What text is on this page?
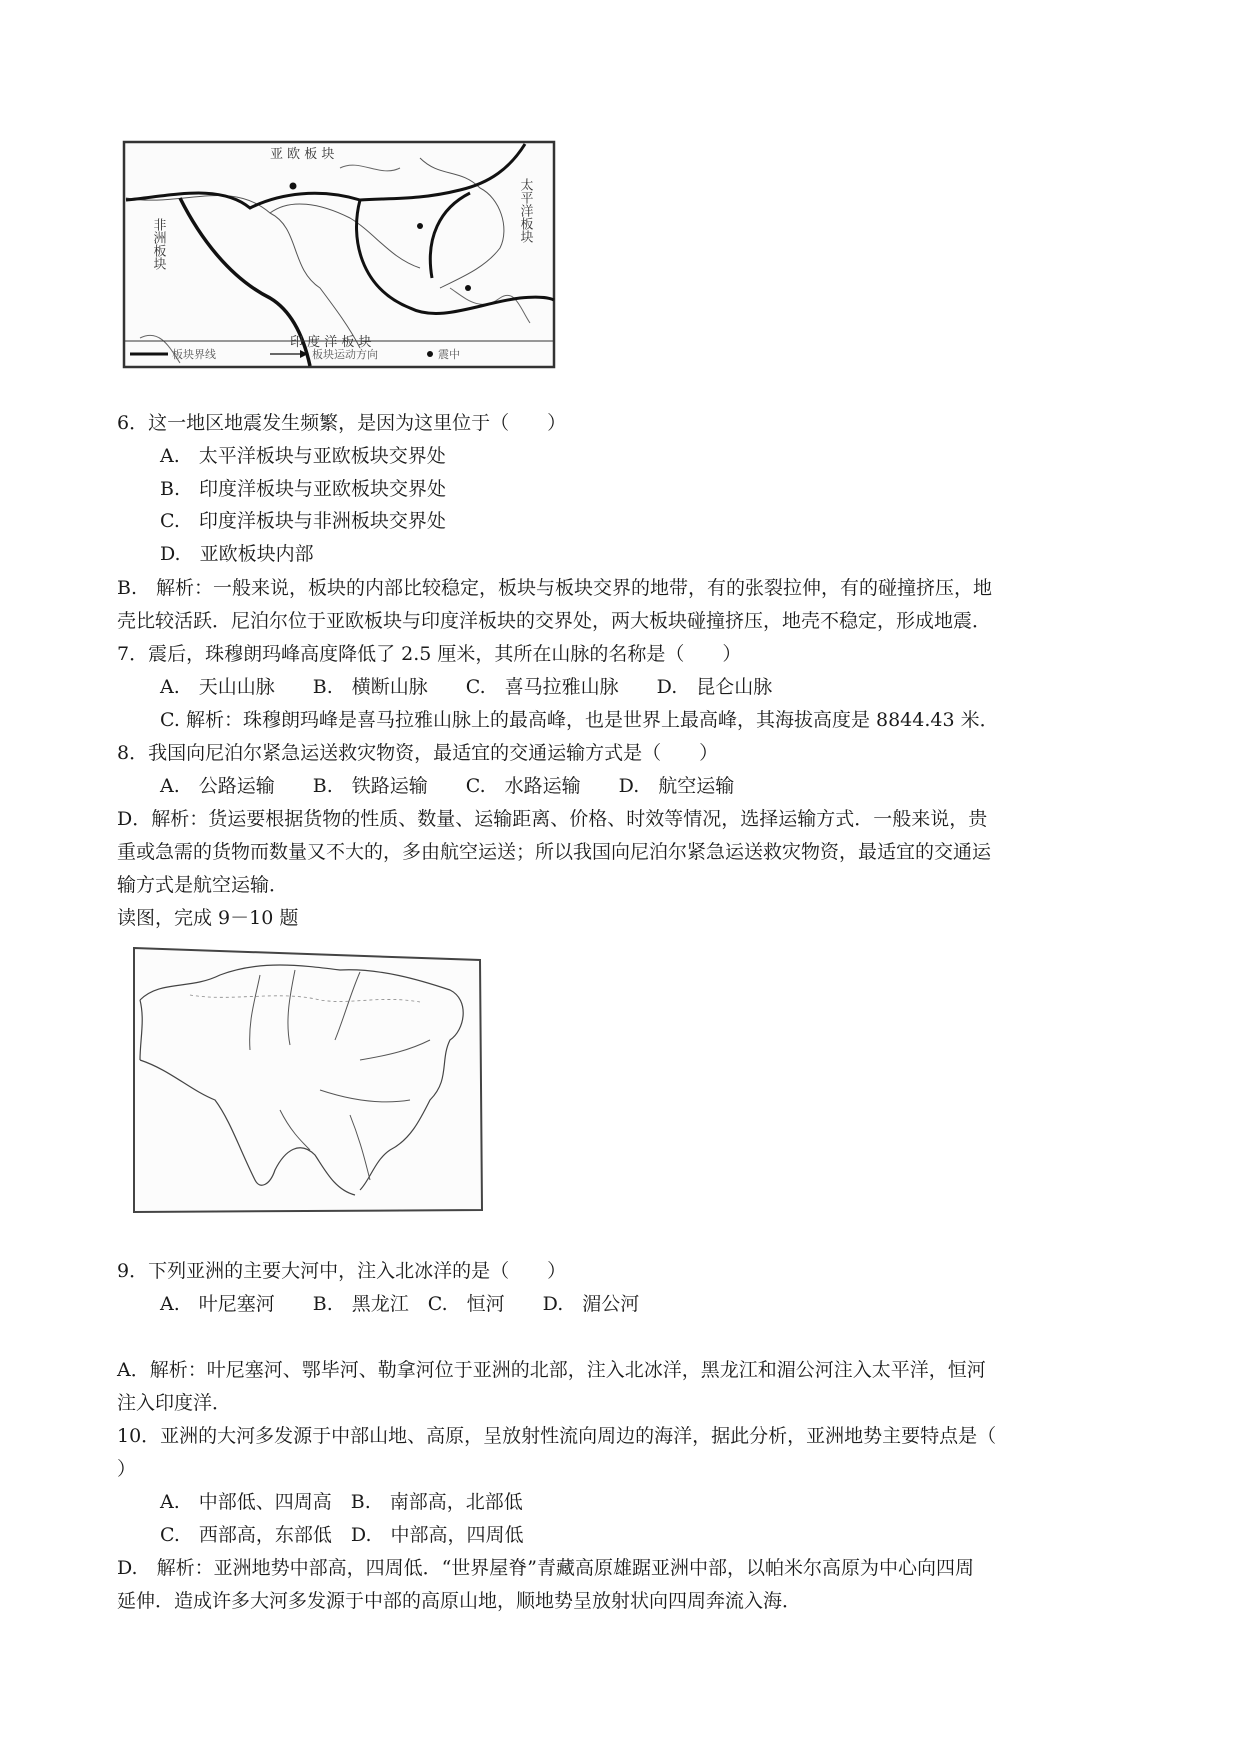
亚 欧 板 块
太平洋板块
非洲板块
印 度 洋 板 块
板块界线	板块运动方向	震中
6．这一地区地震发生频繁，是因为这里位于（　　）
A.　太平洋板块与亚欧板块交界处
B.　印度洋板块与亚欧板块交界处
C.　印度洋板块与非洲板块交界处
D.　亚欧板块内部
B.　解析：一般来说，板块的内部比较稳定，板块与板块交界的地带，有的张裂拉伸，有的碰撞挤压，地
壳比较活跃．尼泊尔位于亚欧板块与印度洋板块的交界处，两大板块碰撞挤压，地壳不稳定，形成地震．
7．震后，珠穆朗玛峰高度降低了 2.5 厘米，其所在山脉的名称是（　　）
A.　天山山脉　　B.　横断山脉　　C.　喜马拉雅山脉　　D.　昆仑山脉
C. 解析：珠穆朗玛峰是喜马拉雅山脉上的最高峰，也是世界上最高峰，其海拔高度是 8844.43 米．
8．我国向尼泊尔紧急运送救灾物资，最适宜的交通运输方式是（　　）
A.　公路运输　　B.　铁路运输　　C.　水路运输　　D.　航空运输
D．解析：货运要根据货物的性质、数量、运输距离、价格、时效等情况，选择运输方式．一般来说，贵
重或急需的货物而数量又不大的，多由航空运送；所以我国向尼泊尔紧急运送救灾物资，最适宜的交通运
输方式是航空运输．
读图，完成 9－10 题
9．下列亚洲的主要大河中，注入北冰洋的是（　　）
A.　叶尼塞河　　B.　黑龙江　C.　恒河　　D.　湄公河
A．解析：叶尼塞河、鄂毕河、勒拿河位于亚洲的北部，注入北冰洋，黑龙江和湄公河注入太平洋，恒河
注入印度洋．
10．亚洲的大河多发源于中部山地、高原，呈放射性流向周边的海洋，据此分析，亚洲地势主要特点是（
）
A.　中部低、四周高　B.　南部高，北部低
C.　西部高，东部低　D.　中部高，四周低
D.　解析：亚洲地势中部高，四周低．“世界屋脊”青藏高原雄踞亚洲中部，以帕米尔高原为中心向四周
延伸．造成许多大河多发源于中部的高原山地，顺地势呈放射状向四周奔流入海．
